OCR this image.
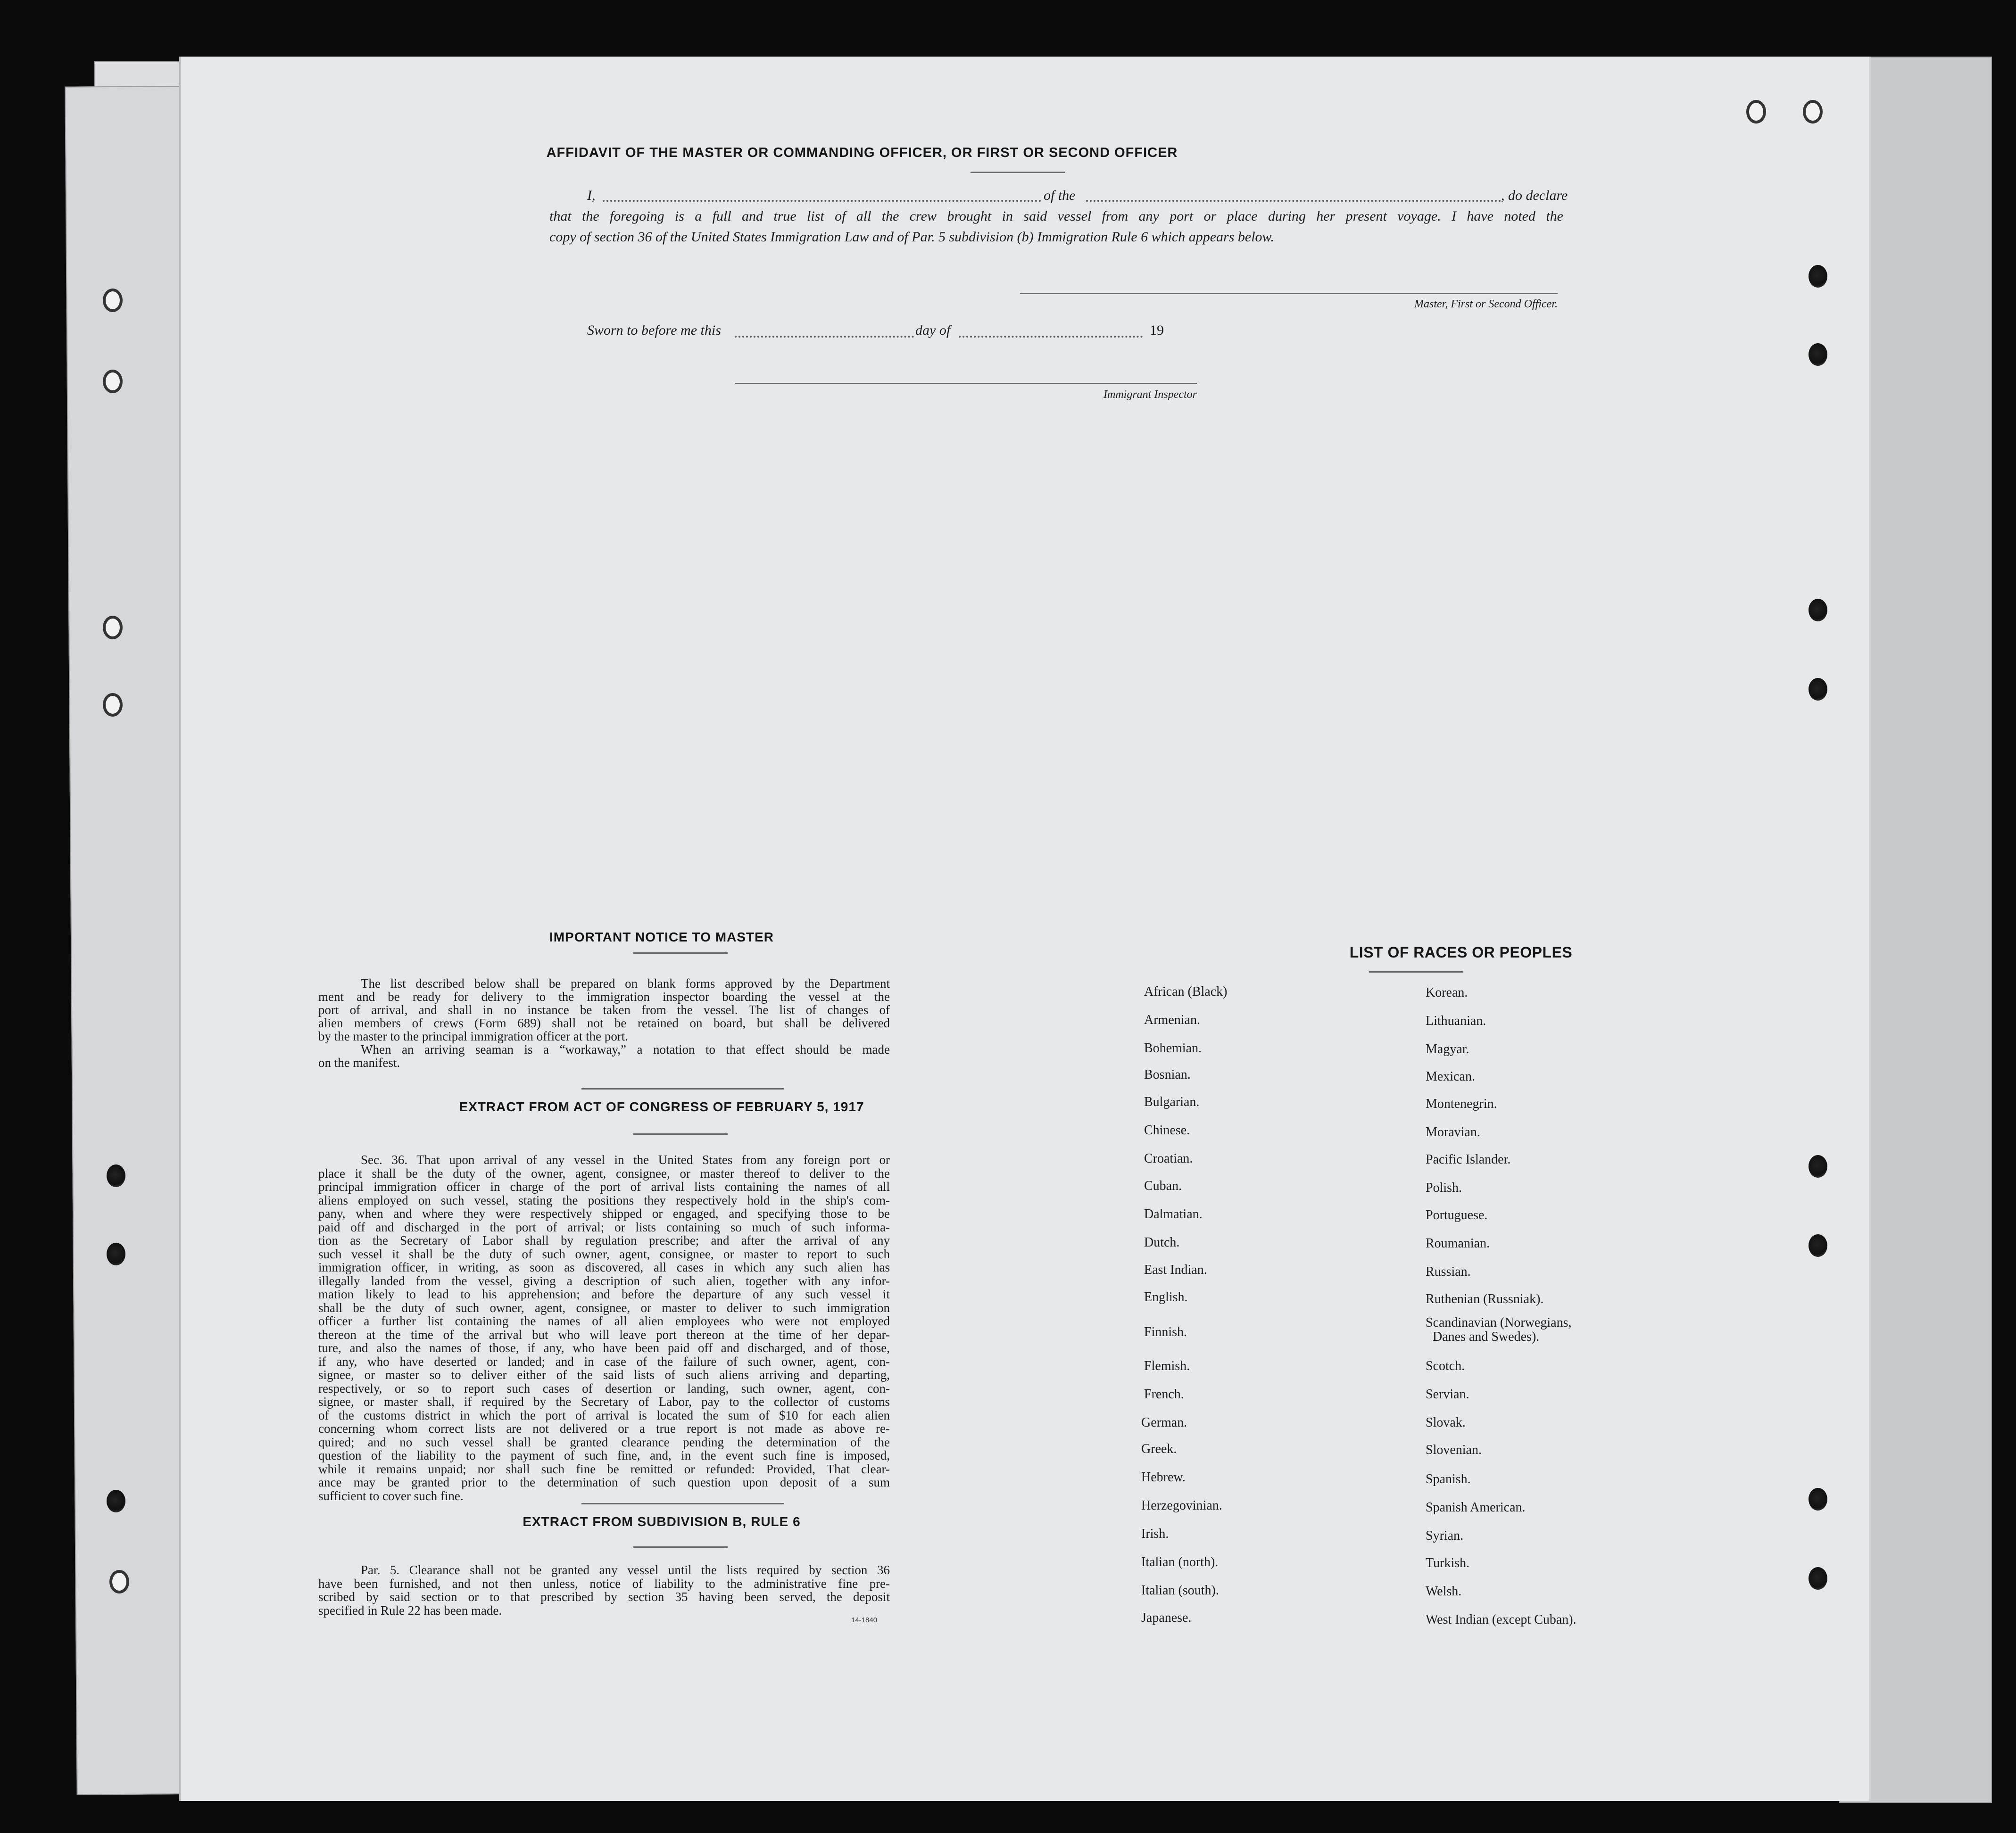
AFFIDAVIT OF THE MASTER OR COMMANDING OFFICER, OR FIRST OR SECOND OFFICER
I,	of the	, do declare
that the foregoing is a full and true list of all the crew brought in said vessel from any port or place during her present voyage. I have noted the
copy of section 36 of the United States Immigration Law and of Par. 5 subdivision (b) Immigration Rule 6 which appears below.
Master, First or Second Officer.
Sworn to before me this	day of	19
Immigrant Inspector
IMPORTANT NOTICE TO MASTER
The list described below shall be prepared on blank forms approved by the Department
ment and be ready for delivery to the immigration inspector boarding the vessel at the
port of arrival, and shall in no instance be taken from the vessel. The list of changes of
alien members of crews (Form 689) shall not be retained on board, but shall be delivered
by the master to the principal immigration officer at the port.
When an arriving seaman is a “workaway,” a notation to that effect should be made
on the manifest.
EXTRACT FROM ACT OF CONGRESS OF FEBRUARY 5, 1917
Sec. 36. That upon arrival of any vessel in the United States from any foreign port or
place it shall be the duty of the owner, agent, consignee, or master thereof to deliver to the
principal immigration officer in charge of the port of arrival lists containing the names of all
aliens employed on such vessel, stating the positions they respectively hold in the ship's com-
pany, when and where they were respectively shipped or engaged, and specifying those to be
paid off and discharged in the port of arrival; or lists containing so much of such informa-
tion as the Secretary of Labor shall by regulation prescribe; and after the arrival of any
such vessel it shall be the duty of such owner, agent, consignee, or master to report to such
immigration officer, in writing, as soon as discovered, all cases in which any such alien has
illegally landed from the vessel, giving a description of such alien, together with any infor-
mation likely to lead to his apprehension; and before the departure of any such vessel it
shall be the duty of such owner, agent, consignee, or master to deliver to such immigration
officer a further list containing the names of all alien employees who were not employed
thereon at the time of the arrival but who will leave port thereon at the time of her depar-
ture, and also the names of those, if any, who have been paid off and discharged, and of those,
if any, who have deserted or landed; and in case of the failure of such owner, agent, con-
signee, or master so to deliver either of the said lists of such aliens arriving and departing,
respectively, or so to report such cases of desertion or landing, such owner, agent, con-
signee, or master shall, if required by the Secretary of Labor, pay to the collector of customs
of the customs district in which the port of arrival is located the sum of $10 for each alien
concerning whom correct lists are not delivered or a true report is not made as above re-
quired; and no such vessel shall be granted clearance pending the determination of the
question of the liability to the payment of such fine, and, in the event such fine is imposed,
while it remains unpaid; nor shall such fine be remitted or refunded: Provided, That clear-
ance may be granted prior to the determination of such question upon deposit of a sum
sufficient to cover such fine.
EXTRACT FROM SUBDIVISION B, RULE 6
Par. 5. Clearance shall not be granted any vessel until the lists required by section 36
have been furnished, and not then unless, notice of liability to the administrative fine pre-
scribed by said section or to that prescribed by section 35 having been served, the deposit
specified in Rule 22 has been made.
14-1840
LIST OF RACES OR PEOPLES
African (Black)
Armenian.
Bohemian.
Bosnian.
Bulgarian.
Chinese.
Croatian.
Cuban.
Dalmatian.
Dutch.
East Indian.
English.
Finnish.
Flemish.
French.
German.
Greek.
Hebrew.
Herzegovinian.
Irish.
Italian (north).
Italian (south).
Japanese.
Korean.
Lithuanian.
Magyar.
Mexican.
Montenegrin.
Moravian.
Pacific Islander.
Polish.
Portuguese.
Roumanian.
Russian.
Ruthenian (Russniak).
Scandinavian (Norwegians,
Danes and Swedes).
Scotch.
Servian.
Slovak.
Slovenian.
Spanish.
Spanish American.
Syrian.
Turkish.
Welsh.
West Indian (except Cuban).
